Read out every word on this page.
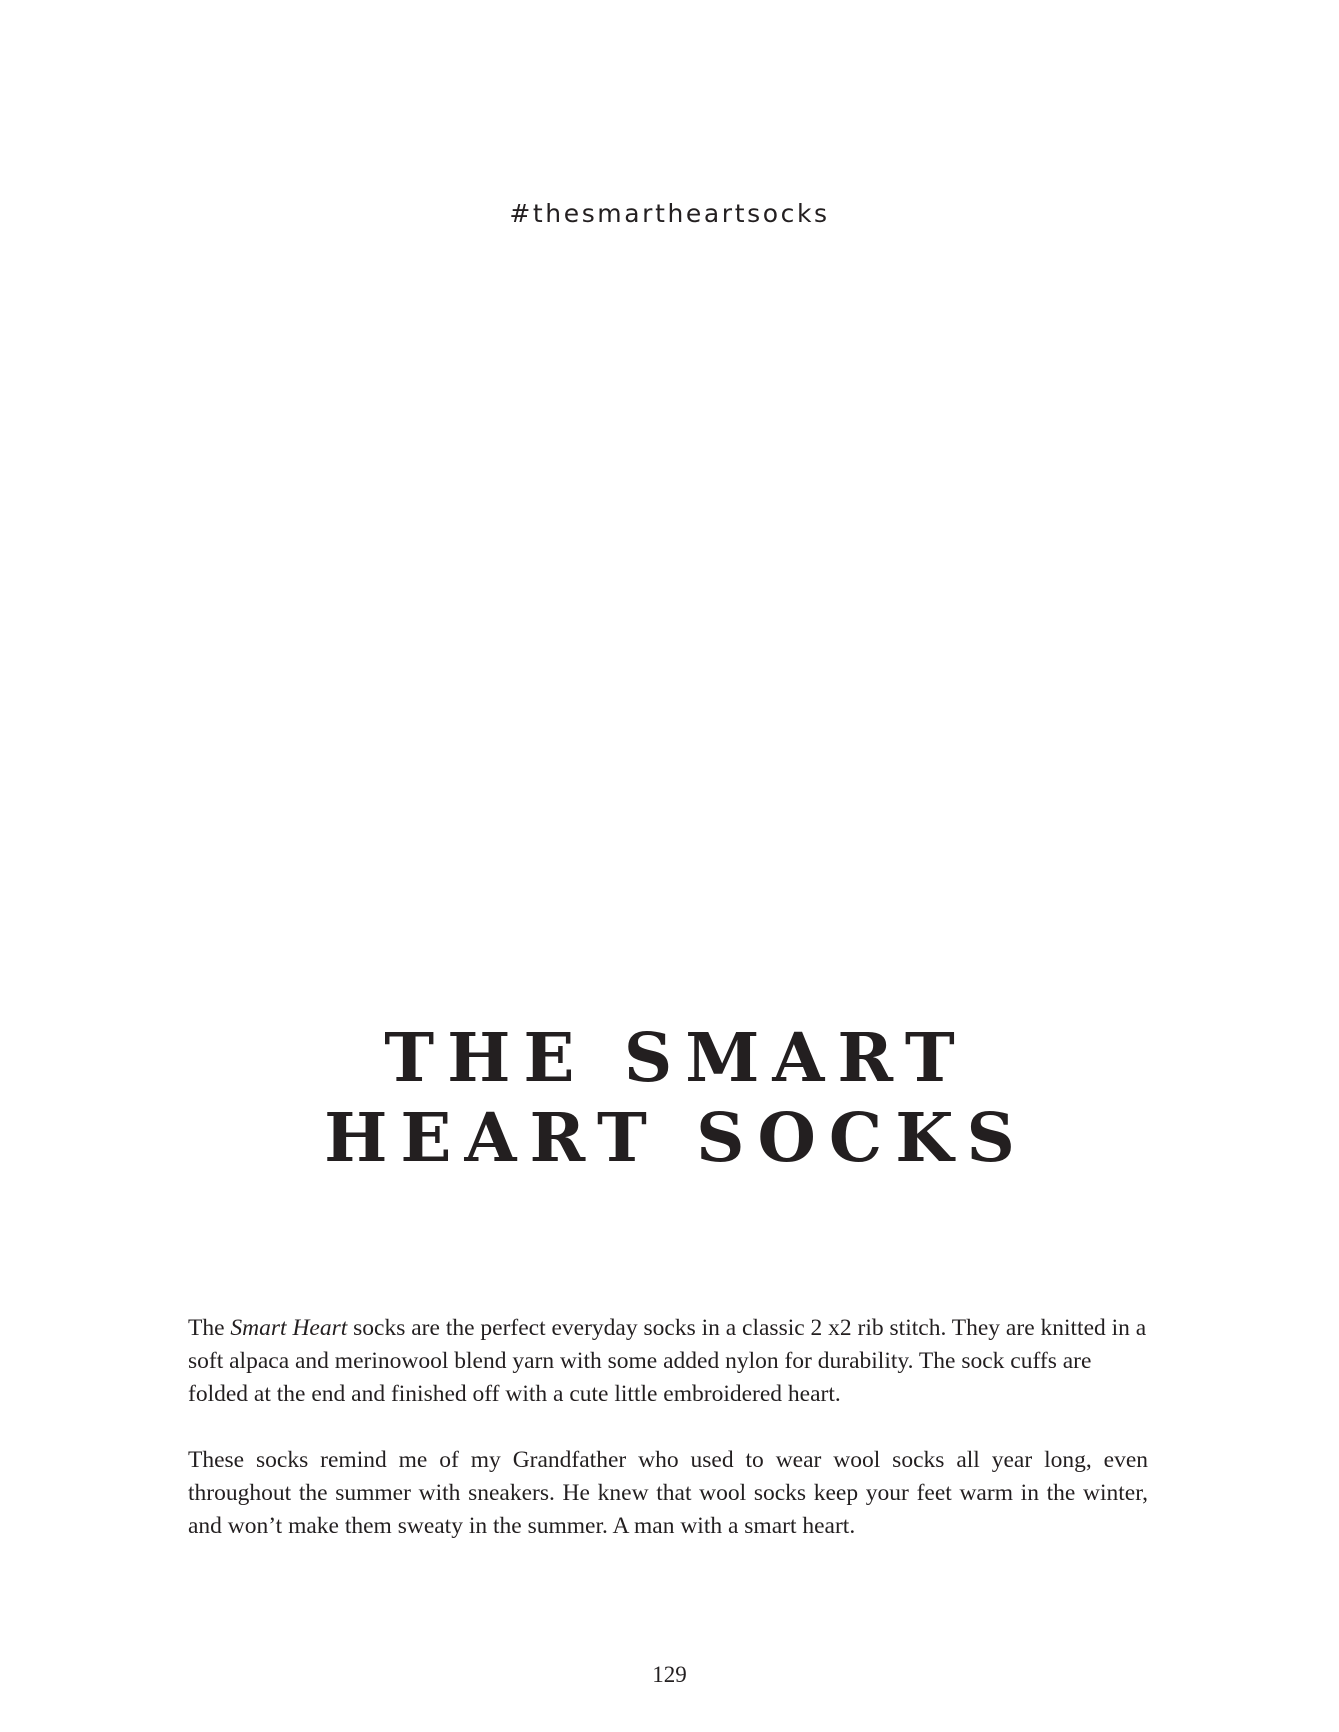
#thesmartheartsocks
THE SMART
HEART SOCKS

The Smart Heart socks are the perfect everyday socks in a classic 2 x2 rib stitch. They are knitted in a soft alpaca and merinowool blend yarn with some added nylon for durability. The sock cuffs are folded at the end and finished off with a cute little embroidered heart.

These socks remind me of my Grandfather who used to wear wool socks all year long, even throughout the summer with sneakers. He knew that wool socks keep your feet warm in the winter, and won’t make them sweaty in the summer. A man with a smart heart.

129
